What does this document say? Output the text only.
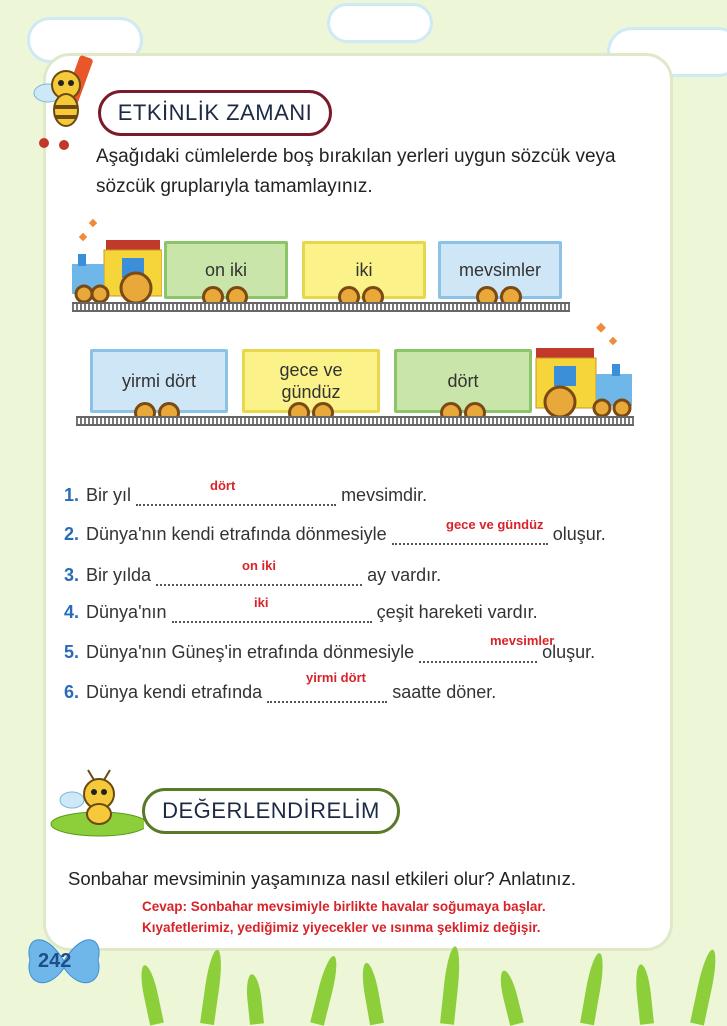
ETKİNLİK ZAMANI
Aşağıdaki cümlelerde boş bırakılan yerleri uygun sözcük veya sözcük gruplarıyla tamamlayınız.
on iki	iki	mevsimler
yirmi dört
gece ve gündüz
dört
1. Bir yıl	mevsimdir.
dört
2. Dünya'nın kendi etrafında dönmesiyle	oluşur.
gece ve gündüz
3. Bir yılda	ay vardır.
on iki
4. Dünya'nın	çeşit hareketi vardır.
iki
5. Dünya'nın Güneş'in etrafında dönmesiyle	oluşur.
mevsimler
6. Dünya kendi etrafında	saatte döner.
yirmi dört
DEĞERLENDİRELİM
Sonbahar mevsiminin yaşamınıza nasıl etkileri olur? Anlatınız.
Cevap: Sonbahar mevsimiyle birlikte havalar soğumaya başlar.
Kıyafetlerimiz, yediğimiz yiyecekler ve ısınma şeklimiz değişir.
242
